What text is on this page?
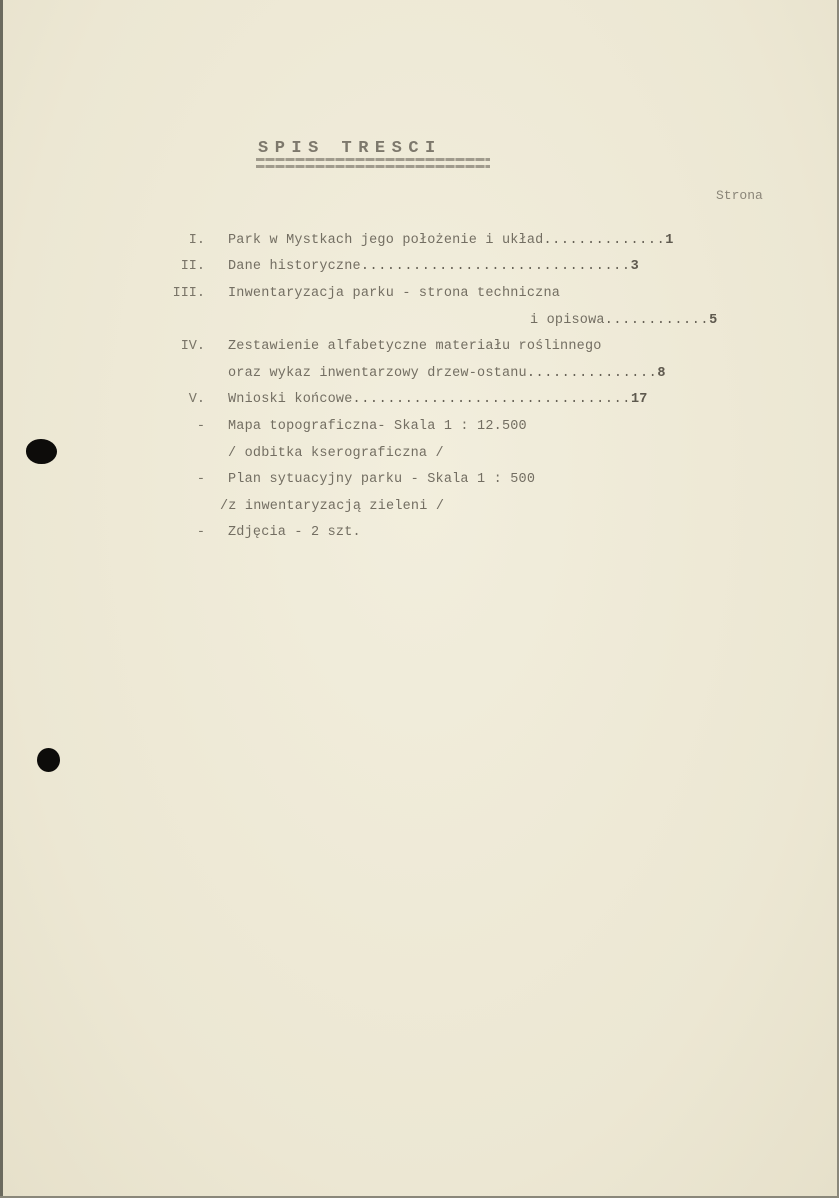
SPIS TRESCI
Strona
I. Park w Mystkach jego położenie i układ..............1
II. Dane historyczne...............................3
III. Inwentaryzacja parku - strona techniczna
i opisowa............5
IV. Zestawienie alfabetyczne materiału roślinnego
oraz wykaz inwentarzowy drzew-ostanu...............8
V. Wnioski końcowe................................17
- Mapa topograficzna- Skala 1 : 12.500
/ odbitka kserograficzna /
- Plan sytuacyjny parku - Skala 1 : 500
/z inwentaryzacją zieleni /
- Zdjęcia - 2 szt.
